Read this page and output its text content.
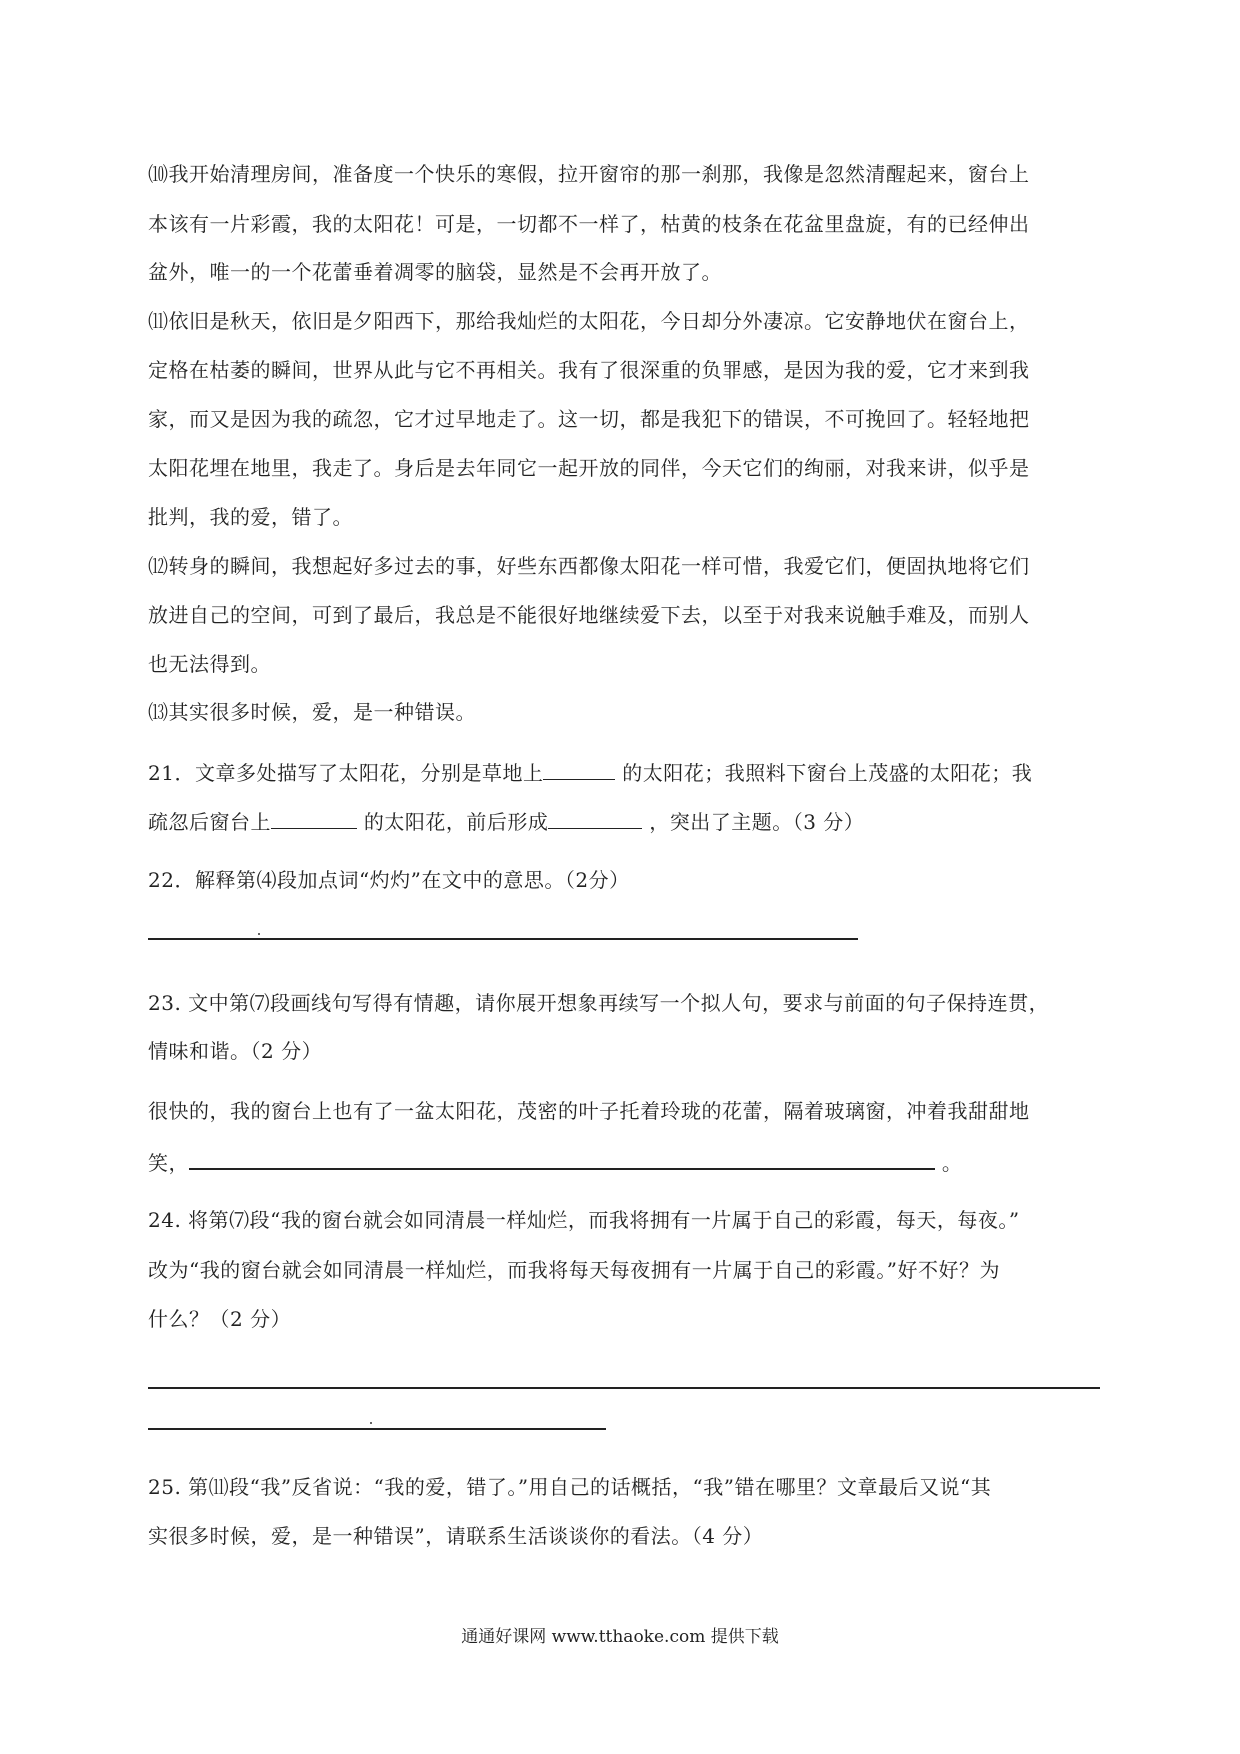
⑽我开始清理房间，准备度一个快乐的寒假，拉开窗帘的那一刹那，我像是忽然清醒起来，窗台上
本该有一片彩霞，我的太阳花！可是，一切都不一样了，枯黄的枝条在花盆里盘旋，有的已经伸出
盆外，唯一的一个花蕾垂着凋零的脑袋，显然是不会再开放了。
⑾依旧是秋天，依旧是夕阳西下，那给我灿烂的太阳花，今日却分外凄凉。它安静地伏在窗台上，
定格在枯萎的瞬间，世界从此与它不再相关。我有了很深重的负罪感，是因为我的爱，它才来到我
家，而又是因为我的疏忽，它才过早地走了。这一切，都是我犯下的错误，不可挽回了。轻轻地把
太阳花埋在地里，我走了。身后是去年同它一起开放的同伴，今天它们的绚丽，对我来讲，似乎是
批判，我的爱，错了。
⑿转身的瞬间，我想起好多过去的事，好些东西都像太阳花一样可惜，我爱它们，便固执地将它们
放进自己的空间，可到了最后，我总是不能很好地继续爱下去，以至于对我来说触手难及，而别人
也无法得到。
⒀其实很多时候，爱，是一种错误。
21．文章多处描写了太阳花，分别是草地上	的太阳花；我照料下窗台上茂盛的太阳花；我
疏忽后窗台上	的太阳花，前后形成	，突出了主题。（3 分）
22．解释第⑷段加点词“灼灼”在文中的意思。（2分）
23. 文中第⑺段画线句写得有情趣，请你展开想象再续写一个拟人句，要求与前面的句子保持连贯，
情味和谐。（2 分）
很快的，我的窗台上也有了一盆太阳花，茂密的叶子托着玲珑的花蕾，隔着玻璃窗，冲着我甜甜地
笑，	。
24. 将第⑺段“我的窗台就会如同清晨一样灿烂，而我将拥有一片属于自己的彩霞，每天，每夜。”
改为“我的窗台就会如同清晨一样灿烂，而我将每天每夜拥有一片属于自己的彩霞。”好不好？为
什么？（2 分）
25. 第⑾段“我”反省说：“我的爱，错了。”用自己的话概括，“我”错在哪里？文章最后又说“其
实很多时候，爱，是一种错误”，请联系生活谈谈你的看法。（4 分）
通通好课网 www.tthaoke.com 提供下载
